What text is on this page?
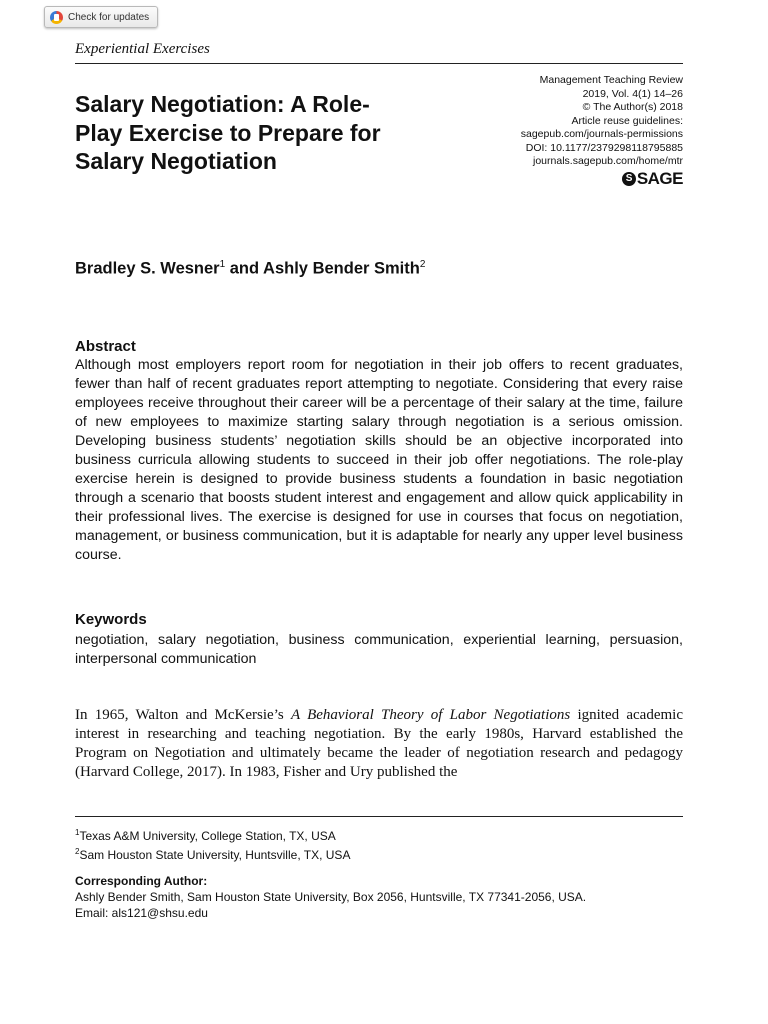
Check for updates
Experiential Exercises
Salary Negotiation: A Role-Play Exercise to Prepare for Salary Negotiation
Management Teaching Review
2019, Vol. 4(1) 14–26
© The Author(s) 2018
Article reuse guidelines:
sagepub.com/journals-permissions
DOI: 10.1177/2379298118795885
journals.sagepub.com/home/mtr
S SAGE

Bradley S. Wesner$^1$ and Ashly Bender Smith$^2$

Abstract

Although most employers report room for negotiation in their job offers to recent graduates, fewer than half of recent graduates report attempting to negotiate. Considering that every raise employees receive throughout their career will be a percentage of their salary at the time, failure of new employees to maximize starting salary through negotiation is a serious omission. Developing business students’ negotiation skills should be an objective incorporated into business curricula allowing students to succeed in their job offer negotiations. The role-play exercise herein is designed to provide business students a foundation in basic negotiation through a scenario that boosts student interest and engagement and allow quick applicability in their professional lives. The exercise is designed for use in courses that focus on negotiation, management, or business communication, but it is adaptable for nearly any upper level business course.

Keywords

negotiation, salary negotiation, business communication, experiential learning, persuasion, interpersonal communication

In 1965, Walton and McKersie’s A Behavioral Theory of Labor Negotiations ignited academic interest in researching and teaching negotiation. By the early 1980s, Harvard established the Program on Negotiation and ultimately became the leader of negotiation research and pedagogy (Harvard College, 2017). In 1983, Fisher and Ury published the

$^1$Texas A&M University, College Station, TX, USA

$^2$Sam Houston State University, Huntsville, TX, USA

Corresponding Author:

Ashly Bender Smith, Sam Houston State University, Box 2056, Huntsville, TX 77341-2056, USA.

Email: als121@shsu.edu
